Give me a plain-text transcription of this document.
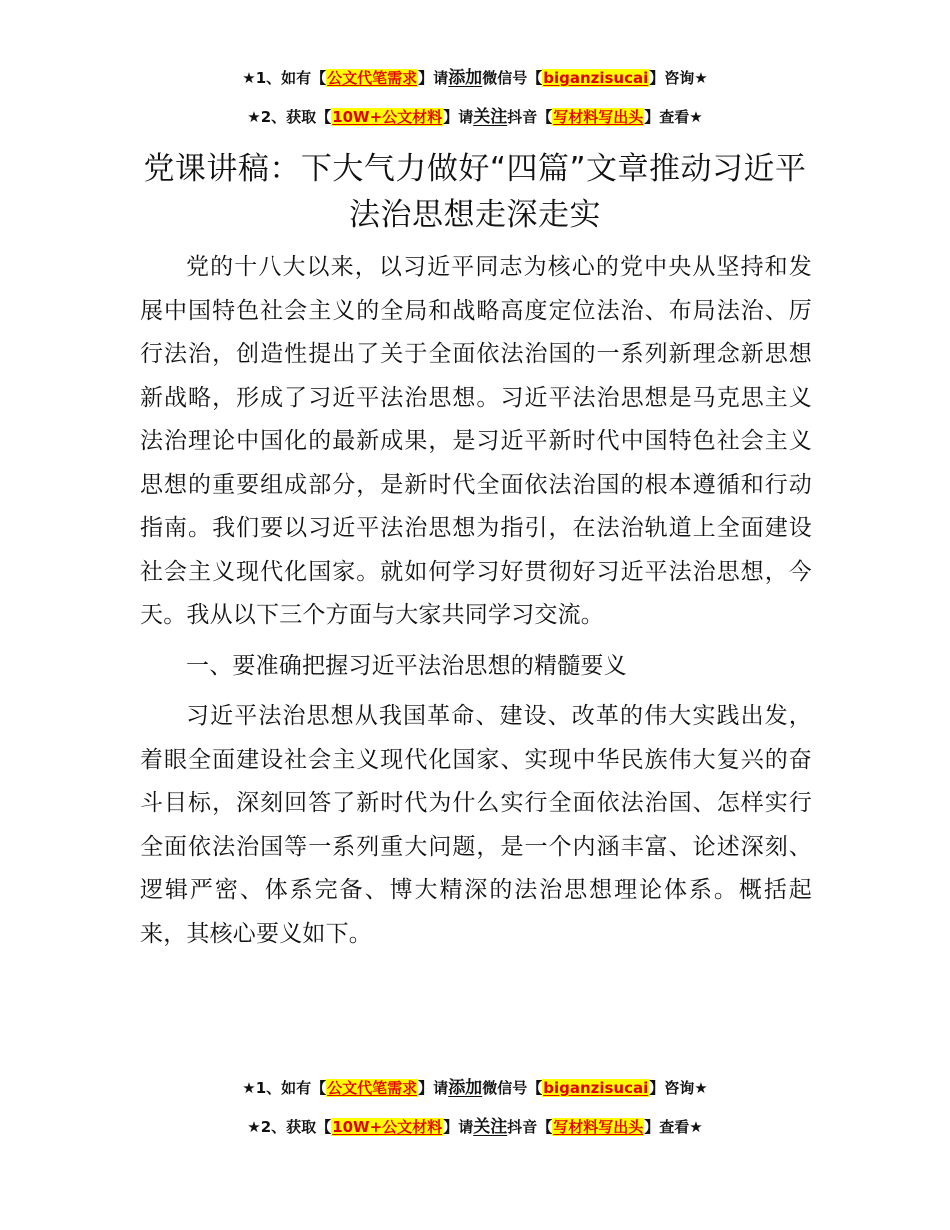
★1、如有【公文代笔需求】请添加微信号【biganzisucai】咨询★
★2、获取【10W+公文材料】请关注抖音【写材料写出头】查看★
党课讲稿：下大气力做好“四篇”文章推动习近平法治思想走深走实

党的十八大以来，以习近平同志为核心的党中央从坚持和发展中国特色社会主义的全局和战略高度定位法治、布局法治、厉行法治，创造性提出了关于全面依法治国的一系列新理念新思想新战略，形成了习近平法治思想。习近平法治思想是马克思主义法治理论中国化的最新成果，是习近平新时代中国特色社会主义思想的重要组成部分，是新时代全面依法治国的根本遵循和行动指南。我们要以习近平法治思想为指引，在法治轨道上全面建设社会主义现代化国家。就如何学习好贯彻好习近平法治思想，今天。我从以下三个方面与大家共同学习交流。

一、要准确把握习近平法治思想的精髓要义

习近平法治思想从我国革命、建设、改革的伟大实践出发，着眼全面建设社会主义现代化国家、实现中华民族伟大复兴的奋斗目标，深刻回答了新时代为什么实行全面依法治国、怎样实行全面依法治国等一系列重大问题，是一个内涵丰富、论述深刻、逻辑严密、体系完备、博大精深的法治思想理论体系。概括起来，其核心要义如下。

★1、如有【公文代笔需求】请添加微信号【biganzisucai】咨询★
★2、获取【10W+公文材料】请关注抖音【写材料写出头】查看★
